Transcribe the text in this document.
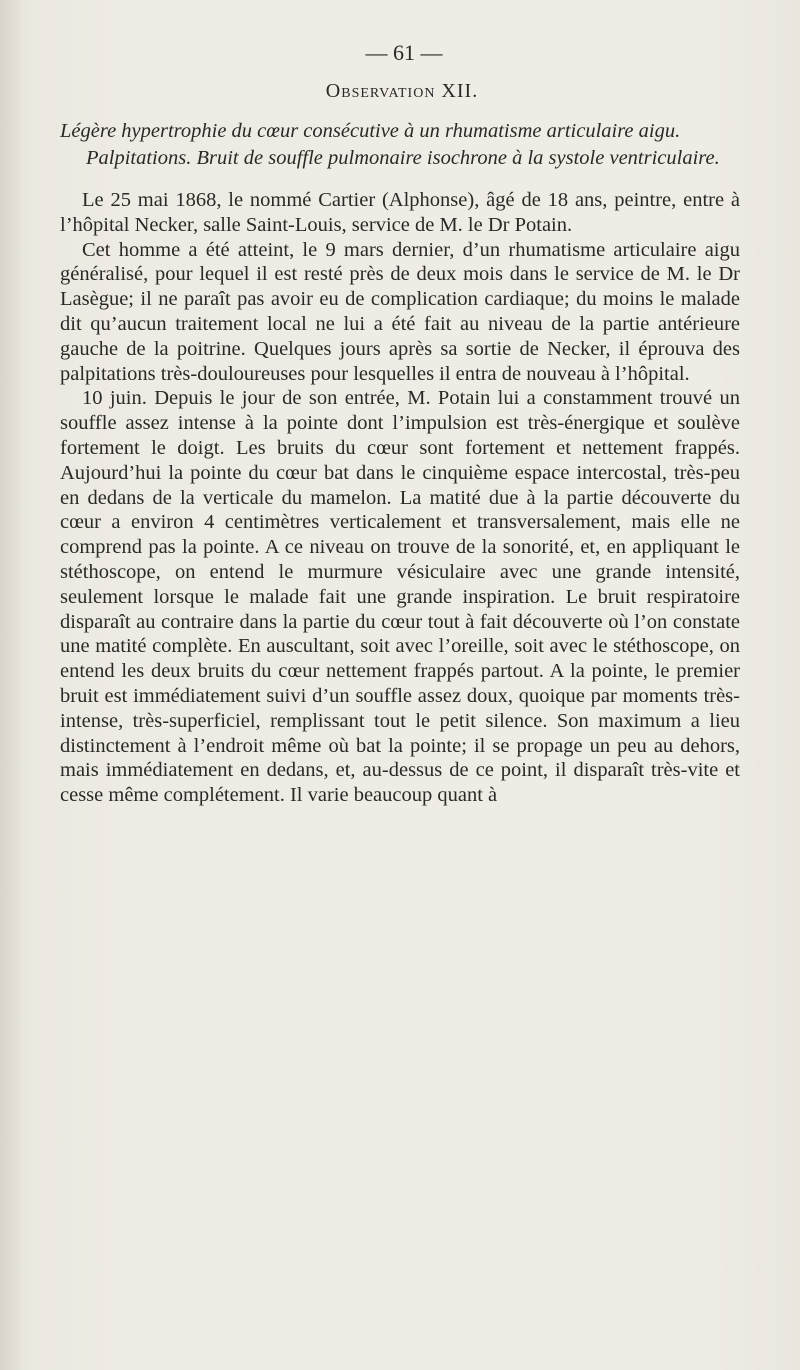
— 61 —
Observation XII.

Légère hypertrophie du cœur consécutive à un rhumatisme articulaire aigu. Palpitations. Bruit de souffle pulmonaire isochrone à la systole ventriculaire.

Le 25 mai 1868, le nommé Cartier (Alphonse), âgé de 18 ans, peintre, entre à l’hôpital Necker, salle Saint-Louis, service de M. le Dr Potain.

Cet homme a été atteint, le 9 mars dernier, d’un rhumatisme articulaire aigu généralisé, pour lequel il est resté près de deux mois dans le service de M. le Dr Lasègue; il ne paraît pas avoir eu de complication cardiaque; du moins le malade dit qu’aucun traitement local ne lui a été fait au niveau de la partie antérieure gauche de la poitrine. Quelques jours après sa sortie de Necker, il éprouva des palpitations très-douloureuses pour lesquelles il entra de nouveau à l’hôpital.

10 juin. Depuis le jour de son entrée, M. Potain lui a constamment trouvé un souffle assez intense à la pointe dont l’impulsion est très-énergique et soulève fortement le doigt. Les bruits du cœur sont fortement et nettement frappés. Aujourd’hui la pointe du cœur bat dans le cinquième espace intercostal, très-peu en dedans de la verticale du mamelon. La matité due à la partie découverte du cœur a environ 4 centimètres verticalement et transversalement, mais elle ne comprend pas la pointe. A ce niveau on trouve de la sonorité, et, en appliquant le stéthoscope, on entend le murmure vésiculaire avec une grande intensité, seulement lorsque le malade fait une grande inspiration. Le bruit respiratoire disparaît au contraire dans la partie du cœur tout à fait découverte où l’on constate une matité complète. En auscultant, soit avec l’oreille, soit avec le stéthoscope, on entend les deux bruits du cœur nettement frappés partout. A la pointe, le premier bruit est immédiatement suivi d’un souffle assez doux, quoique par moments très-intense, très-superficiel, remplissant tout le petit silence. Son maximum a lieu distinctement à l’endroit même où bat la pointe; il se propage un peu au dehors, mais immédiatement en dedans, et, au-dessus de ce point, il disparaît très-vite et cesse même complétement. Il varie beaucoup quant à
